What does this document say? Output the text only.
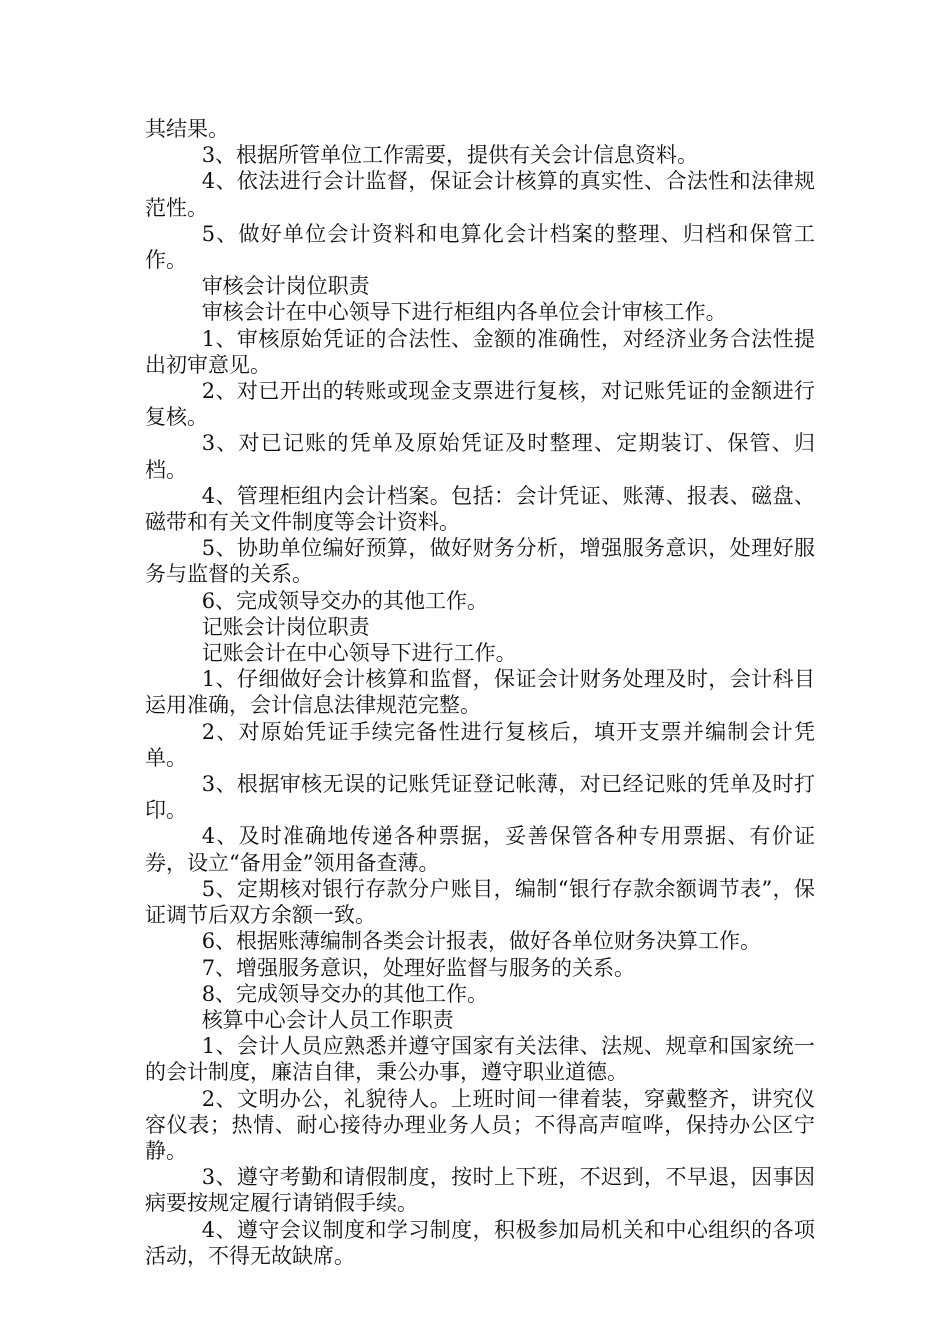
其结果。

3、根据所管单位工作需要，提供有关会计信息资料。

4、依法进行会计监督，保证会计核算的真实性、合法性和法律规范性。

5、做好单位会计资料和电算化会计档案的整理、归档和保管工作。

审核会计岗位职责

审核会计在中心领导下进行柜组内各单位会计审核工作。

1、审核原始凭证的合法性、金额的准确性，对经济业务合法性提出初审意见。

2、对已开出的转账或现金支票进行复核，对记账凭证的金额进行复核。

3、对已记账的凭单及原始凭证及时整理、定期装订、保管、归档。

4、管理柜组内会计档案。包括：会计凭证、账薄、报表、磁盘、磁带和有关文件制度等会计资料。

5、协助单位编好预算，做好财务分析，增强服务意识，处理好服务与监督的关系。

6、完成领导交办的其他工作。

记账会计岗位职责

记账会计在中心领导下进行工作。

1、仔细做好会计核算和监督，保证会计财务处理及时，会计科目运用准确，会计信息法律规范完整。

2、对原始凭证手续完备性进行复核后，填开支票并编制会计凭单。

3、根据审核无误的记账凭证登记帐薄，对已经记账的凭单及时打印。

4、及时准确地传递各种票据，妥善保管各种专用票据、有价证券，设立“备用金”领用备查薄。

5、定期核对银行存款分户账目，编制“银行存款余额调节表”，保证调节后双方余额一致。

6、根据账薄编制各类会计报表，做好各单位财务决算工作。

7、增强服务意识，处理好监督与服务的关系。

8、完成领导交办的其他工作。

核算中心会计人员工作职责

1、会计人员应熟悉并遵守国家有关法律、法规、规章和国家统一的会计制度，廉洁自律，秉公办事，遵守职业道德。

2、文明办公，礼貌待人。上班时间一律着装，穿戴整齐，讲究仪容仪表；热情、耐心接待办理业务人员；不得高声喧哗，保持办公区宁静。

3、遵守考勤和请假制度，按时上下班，不迟到，不早退，因事因病要按规定履行请销假手续。

4、遵守会议制度和学习制度，积极参加局机关和中心组织的各项活动，不得无故缺席。
